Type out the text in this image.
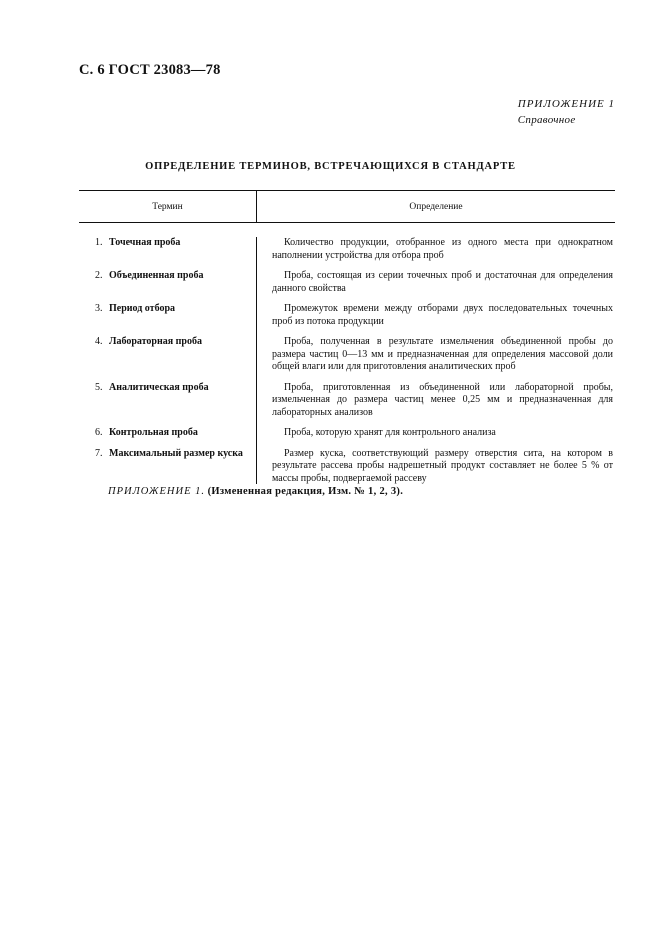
С. 6 ГОСТ 23083—78
ПРИЛОЖЕНИЕ 1
Справочное
ОПРЕДЕЛЕНИЕ ТЕРМИНОВ, ВСТРЕЧАЮЩИХСЯ В СТАНДАРТЕ
Термин	Определение
1. Точечная проба	Количество продукции, отобранное из одного места при однократном наполнении устройства для отбора проб

2. Объединенная проба	Проба, состоящая из серии точечных проб и достаточная для определения данного свойства

3. Период отбора	Промежуток времени между отборами двух последовательных точечных проб из потока продукции

4. Лабораторная проба	Проба, полученная в результате измельчения объединенной пробы до размера частиц 0—13 мм и предназначенная для определения массовой доли общей влаги или для приготовления аналитических проб

5. Аналитическая проба	Проба, приготовленная из объединенной или лабораторной пробы, измельченная до размера частиц менее 0,25 мм и предназначенная для лабораторных анализов

6. Контрольная проба	Проба, которую хранят для контрольного анализа

7. Максимальный размер куска	Размер куска, соответствующий размеру отверстия сита, на котором в результате рассева пробы надрешетный продукт составляет не более 5 % от массы пробы, подвергаемой рассеву

ПРИЛОЖЕНИЕ 1. (Измененная редакция, Изм. № 1, 2, 3).
